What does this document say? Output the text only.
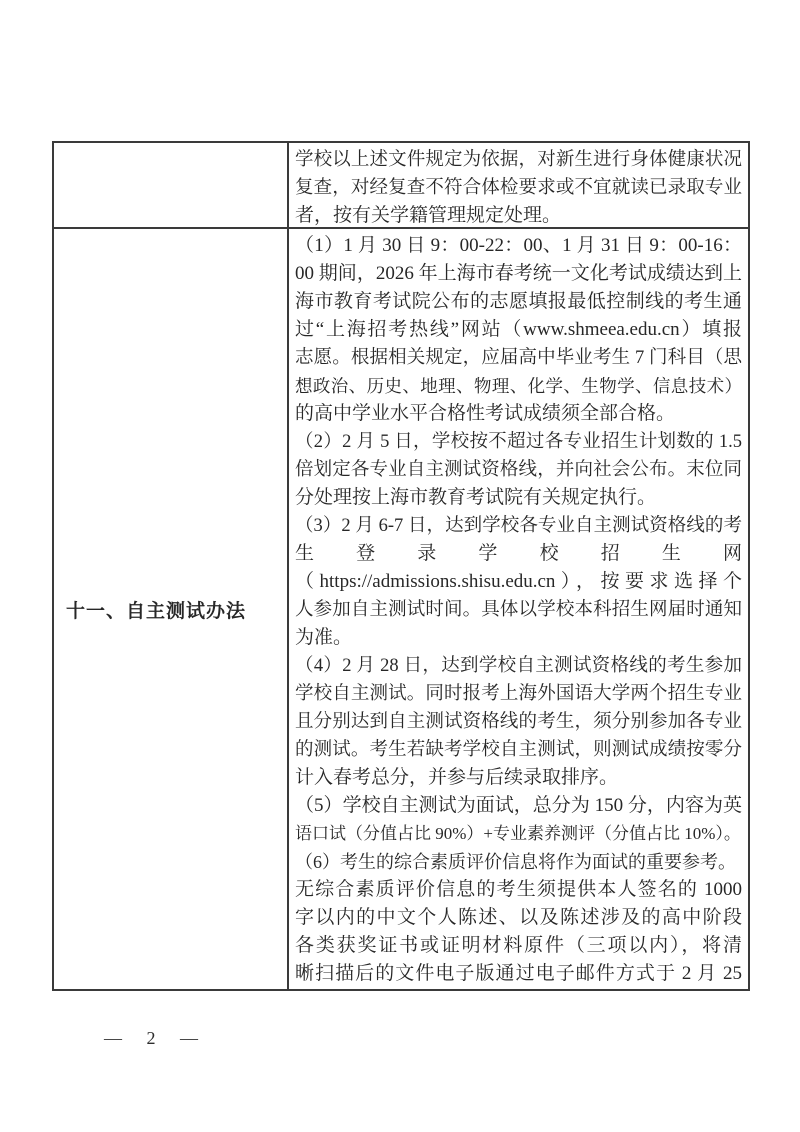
学校以上述文件规定为依据，对新生进行身体健康状况
复查，对经复查不符合体检要求或不宜就读已录取专业
者，按有关学籍管理规定处理。
十一、自主测试办法
（1）1 月 30 日 9：00-22：00、1 月 31 日 9：00-16：
00 期间，2026 年上海市春考统一文化考试成绩达到上
海市教育考试院公布的志愿填报最低控制线的考生通
过“上海招考热线”网站（www.shmeea.edu.cn）填报
志愿。根据相关规定，应届高中毕业考生 7 门科目（思
想政治、历史、地理、物理、化学、生物学、信息技术）
的高中学业水平合格性考试成绩须全部合格。
（2）2 月 5 日，学校按不超过各专业招生计划数的 1.5
倍划定各专业自主测试资格线，并向社会公布。末位同
分处理按上海市教育考试院有关规定执行。
（3）2 月 6-7 日，达到学校各专业自主测试资格线的考
生登录学校招生网
（https://admissions.shisu.edu.cn），按要求选择个
人参加自主测试时间。具体以学校本科招生网届时通知
为准。
（4）2 月 28 日，达到学校自主测试资格线的考生参加
学校自主测试。同时报考上海外国语大学两个招生专业
且分别达到自主测试资格线的考生，须分别参加各专业
的测试。考生若缺考学校自主测试，则测试成绩按零分
计入春考总分，并参与后续录取排序。
（5）学校自主测试为面试，总分为 150 分，内容为英
语口试（分值占比 90%）+专业素养测评（分值占比 10%）。
（6）考生的综合素质评价信息将作为面试的重要参考。
无综合素质评价信息的考生须提供本人签名的 1000
字以内的中文个人陈述、以及陈述涉及的高中阶段
各类获奖证书或证明材料原件（三项以内），将清
晰扫描后的文件电子版通过电子邮件方式于 2 月 25
— 2 —
